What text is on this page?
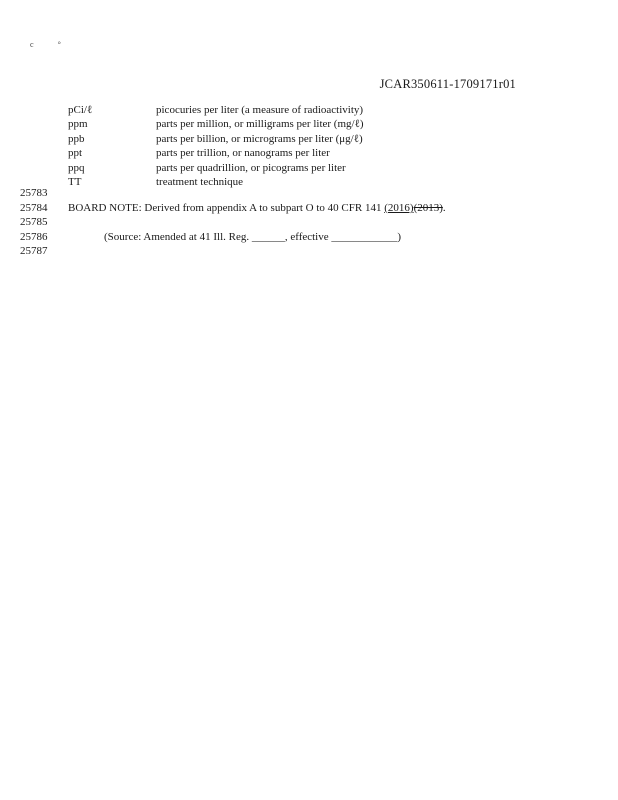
c	°
JCAR350611-1709171r01
pCi/ℓ	picocuries per liter (a measure of radioactivity)
ppm	parts per million, or milligrams per liter (mg/ℓ)
ppb	parts per billion, or micrograms per liter (μg/ℓ)
ppt	parts per trillion, or nanograms per liter
ppq	parts per quadrillion, or picograms per liter
TT	treatment technique
25783
25784 BOARD NOTE: Derived from appendix A to subpart O to 40 CFR 141 (2016)(2013).
25785
25786	(Source: Amended at 41 Ill. Reg. ______, effective ____________)
25787
